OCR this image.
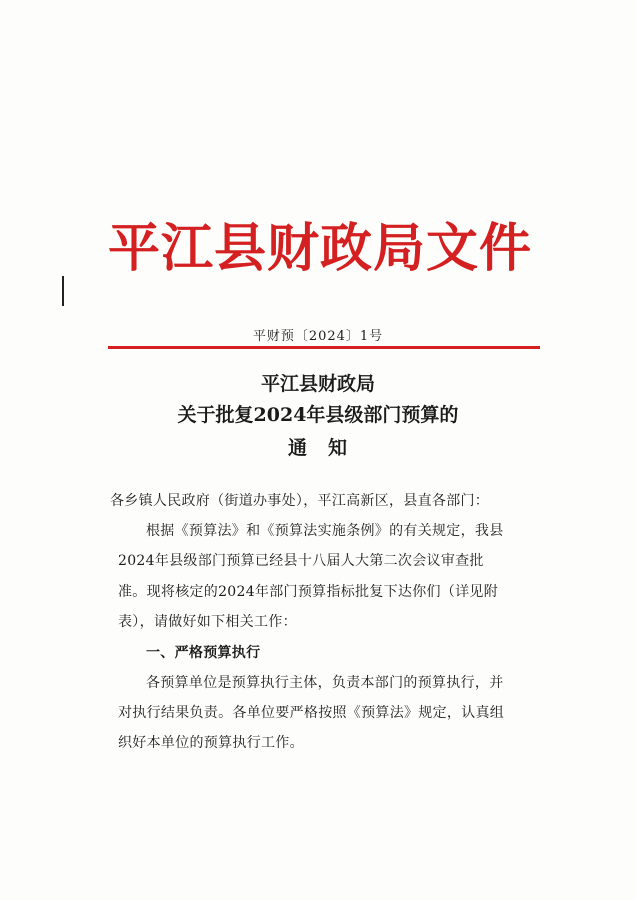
平江县财政局文件
平财预〔2024〕1号
平江县财政局
关于批复2024年县级部门预算的
通 知
各乡镇人民政府（街道办事处），平江高新区，县直各部门：
根据《预算法》和《预算法实施条例》的有关规定，我县
2024年县级部门预算已经县十八届人大第二次会议审查批
准。现将核定的2024年部门预算指标批复下达你们（详见附
表），请做好如下相关工作：
一、严格预算执行
各预算单位是预算执行主体，负责本部门的预算执行，并
对执行结果负责。各单位要严格按照《预算法》规定，认真组
织好本单位的预算执行工作。
